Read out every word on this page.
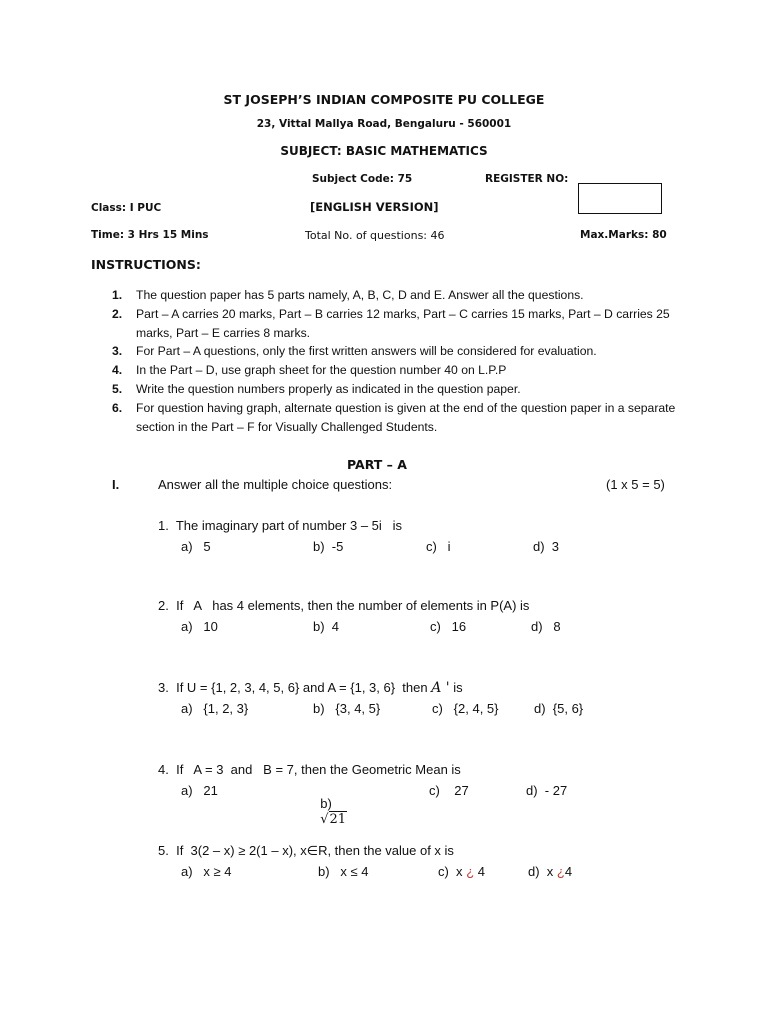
ST JOSEPH’S INDIAN COMPOSITE PU COLLEGE
23, Vittal Mallya Road, Bengaluru - 560001
SUBJECT: BASIC MATHEMATICS
Subject Code: 75	REGISTER NO:
Class: I PUC	[ENGLISH VERSION]
Time: 3 Hrs 15 Mins	Total No. of questions: 46	Max.Marks: 80
INSTRUCTIONS:
1. The question paper has 5 parts namely, A, B, C, D and E. Answer all the questions.
2. Part – A carries 20 marks, Part – B carries 12 marks, Part – C carries 15 marks, Part – D carries 25 marks, Part – E carries 8 marks.
3. For Part – A questions, only the first written answers will be considered for evaluation.
4. In the Part – D, use graph sheet for the question number 40 on L.P.P
5. Write the question numbers properly as indicated in the question paper.
6. For question having graph, alternate question is given at the end of the question paper in a separate section in the Part – F for Visually Challenged Students.
PART – A
I.	Answer all the multiple choice questions:	(1 x 5 = 5)
1. The imaginary part of number 3 – 5i   is
a)   5	b)  -5	c)   i	d)  3
2. If   A   has 4 elements, then the number of elements in P(A) is
a)   10	b)  4	c)   16	d)   8
3. If U = {1, 2, 3, 4, 5, 6} and A = {1, 3, 6}  then A ' is
a)   {1, 2, 3}	b)   {3, 4, 5}	c)   {2, 4, 5}	d)  {5, 6}
4. If   A = 3  and   B = 7, then the Geometric Mean is
a)   21

b)
√21

c)    27	d)  - 27
5. If  3(2 – x) ≥ 2(1 – x), x∈R, then the value of x is
a)   x ≥ 4	b)   x ≤ 4	c)  x ¿ 4	d)  x ¿4
